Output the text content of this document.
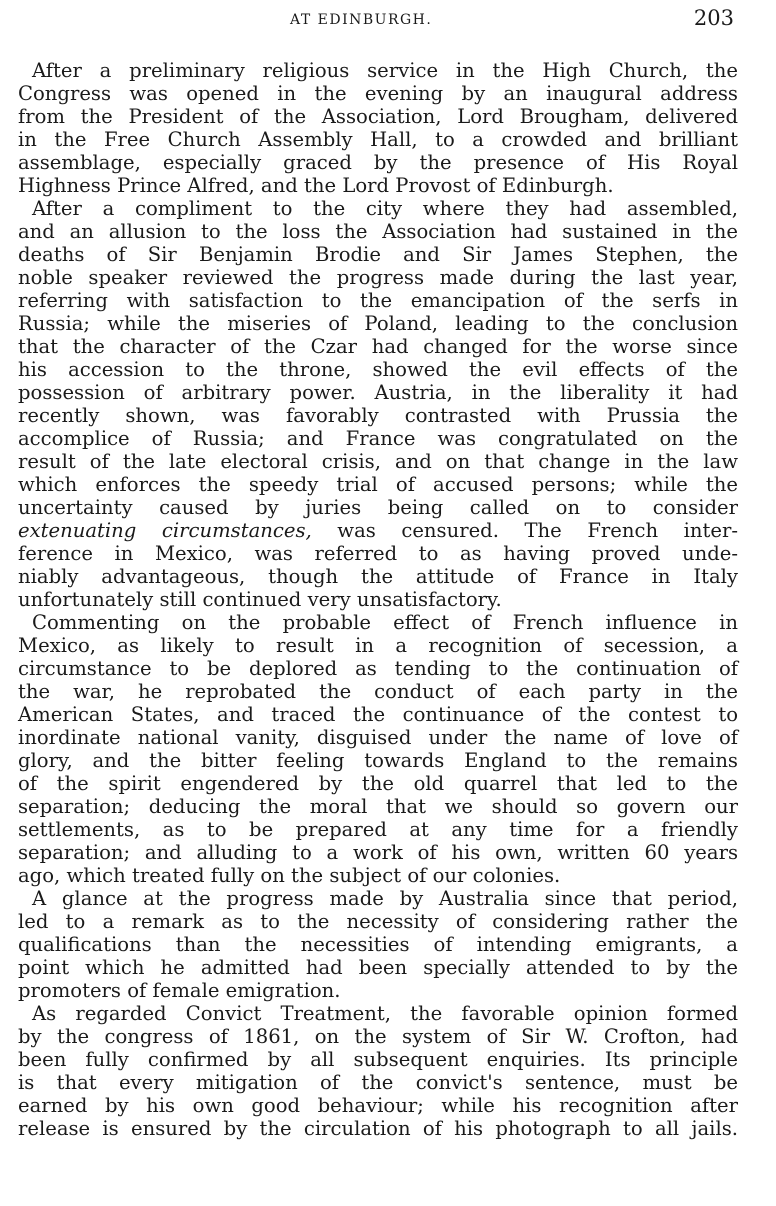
AT EDINBURGH.	203
After a preliminary religious service in the High Church, the
Congress was opened in the evening by an inaugural address
from the President of the Association, Lord Brougham, delivered
in the Free Church Assembly Hall, to a crowded and brilliant
assemblage, especially graced by the presence of His Royal
Highness Prince Alfred, and the Lord Provost of Edinburgh.
After a compliment to the city where they had assembled,
and an allusion to the loss the Association had sustained in the
deaths of Sir Benjamin Brodie and Sir James Stephen, the
noble speaker reviewed the progress made during the last year,
referring with satisfaction to the emancipation of the serfs in
Russia; while the miseries of Poland, leading to the conclusion
that the character of the Czar had changed for the worse since
his accession to the throne, showed the evil effects of the
possession of arbitrary power. Austria, in the liberality it had
recently shown, was favorably contrasted with Prussia the
accomplice of Russia; and France was congratulated on the
result of the late electoral crisis, and on that change in the law
which enforces the speedy trial of accused persons; while the
uncertainty caused by juries being called on to consider
extenuating circumstances, was censured. The French inter-
ference in Mexico, was referred to as having proved unde-
niably advantageous, though the attitude of France in Italy
unfortunately still continued very unsatisfactory.
Commenting on the probable effect of French influence in
Mexico, as likely to result in a recognition of secession, a
circumstance to be deplored as tending to the continuation of
the war, he reprobated the conduct of each party in the
American States, and traced the continuance of the contest to
inordinate national vanity, disguised under the name of love of
glory, and the bitter feeling towards England to the remains
of the spirit engendered by the old quarrel that led to the
separation; deducing the moral that we should so govern our
settlements, as to be prepared at any time for a friendly
separation; and alluding to a work of his own, written 60 years
ago, which treated fully on the subject of our colonies.
A glance at the progress made by Australia since that period,
led to a remark as to the necessity of considering rather the
qualifications than the necessities of intending emigrants, a
point which he admitted had been specially attended to by the
promoters of female emigration.
As regarded Convict Treatment, the favorable opinion formed
by the congress of 1861, on the system of Sir W. Crofton, had
been fully confirmed by all subsequent enquiries. Its principle
is that every mitigation of the convict's sentence, must be
earned by his own good behaviour; while his recognition after
release is ensured by the circulation of his photograph to all jails.
